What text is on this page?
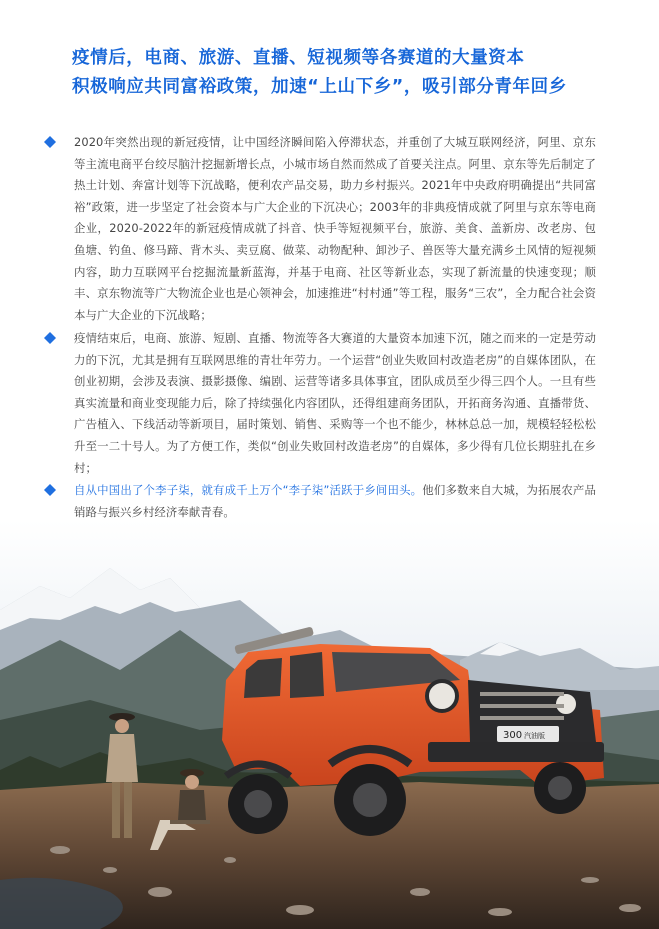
疫情后，电商、旅游、直播、短视频等各赛道的大量资本
积极响应共同富裕政策，加速“上山下乡”，吸引部分青年回乡

2020年突然出现的新冠疫情，让中国经济瞬间陷入停滞状态，并重创了大城互联网经济，阿里、京东等主流电商平台绞尽脑汁挖掘新增长点，小城市场自然而然成了首要关注点。阿里、京东等先后制定了热土计划、奔富计划等下沉战略，便利农产品交易，助力乡村振兴。2021年中央政府明确提出“共同富裕”政策，进一步坚定了社会资本与广大企业的下沉决心；2003年的非典疫情成就了阿里与京东等电商企业，2020-2022年的新冠疫情成就了抖音、快手等短视频平台，旅游、美食、盖新房、改老房、包鱼塘、钓鱼、修马蹄、背木头、卖豆腐、做菜、动物配种、卸沙子、兽医等大量充满乡土风情的短视频内容，助力互联网平台挖掘流量新蓝海，并基于电商、社区等新业态，实现了新流量的快速变现；顺丰、京东物流等广大物流企业也是心领神会，加速推进“村村通”等工程，服务“三农”，全力配合社会资本与广大企业的下沉战略；

疫情结束后，电商、旅游、短剧、直播、物流等各大赛道的大量资本加速下沉，随之而来的一定是劳动力的下沉，尤其是拥有互联网思维的青壮年劳力。一个运营“创业失败回村改造老房”的自媒体团队，在创业初期，会涉及表演、摄影摄像、编剧、运营等诸多具体事宜，团队成员至少得三四个人。一旦有些真实流量和商业变现能力后，除了持续强化内容团队，还得组建商务团队，开拓商务沟通、直播带货、广告植入、下线活动等新项目，届时策划、销售、采购等一个也不能少，林林总总一加，规模轻轻松松升至一二十号人。为了方便工作，类似“创业失败回村改造老房”的自媒体，多少得有几位长期驻扎在乡村；

自从中国出了个李子柒，就有成千上万个“李子柒”活跃于乡间田头。他们多数来自大城，为拓展农产品销路与振兴乡村经济奉献青春。

300 汽油版
